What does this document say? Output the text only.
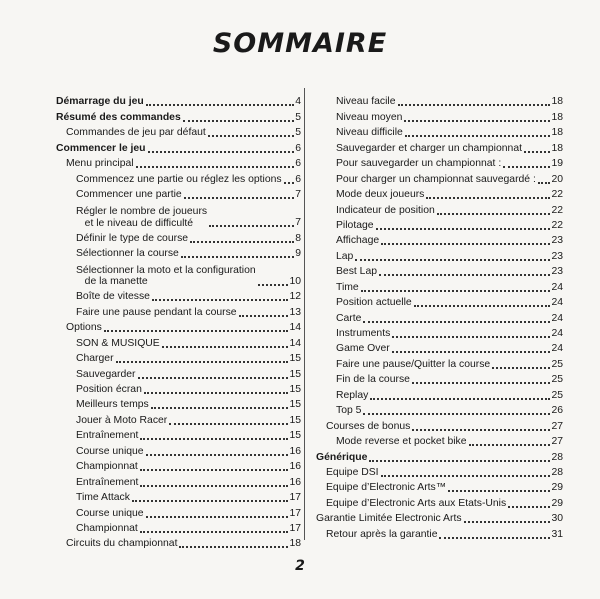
SOMMAIRE
Démarrage du jeu	4
Résumé des commandes	5
Commandes de jeu par défaut	5
Commencer le jeu	6
Menu principal	6
Commencez une partie ou réglez les options 6
Commencer une partie	7
Régler le nombre de joueurs
et le niveau de difficulté	7
Définir le type de course	8
Sélectionner la course	9
Sélectionner la moto et la configuration
de la manette	10
Boîte de vitesse	12
Faire une pause pendant la course	13
Options	14
SON & MUSIQUE	14
Charger	15
Sauvegarder	15
Position écran	15
Meilleurs temps	15
Jouer à Moto Racer	15
Entraînement	15
Course unique	16
Championnat	16
Entraînement	16
Time Attack	17
Course unique	17
Championnat	17
Circuits du championnat	18
Niveau facile	18
Niveau moyen	18
Niveau difficile	18
Sauvegarder et charger un championnat	18
Pour sauvegarder un championnat :	19
Pour charger un championnat sauvegardé : 20
Mode deux joueurs	22
Indicateur de position	22
Pilotage	22
Affichage	23
Lap	23
Best Lap	23
Time	24
Position actuelle	24
Carte	24
Instruments	24
Game Over	24
Faire une pause/Quitter la course	25
Fin de la course	25
Replay	25
Top 5	26
Courses de bonus	27
Mode reverse et pocket bike	27
Générique	28
Equipe DSI	28
Equipe d’Electronic Arts™	29
Equipe d’Electronic Arts aux Etats-Unis	29
Garantie Limitée Electronic Arts	30
Retour après la garantie	31
2
